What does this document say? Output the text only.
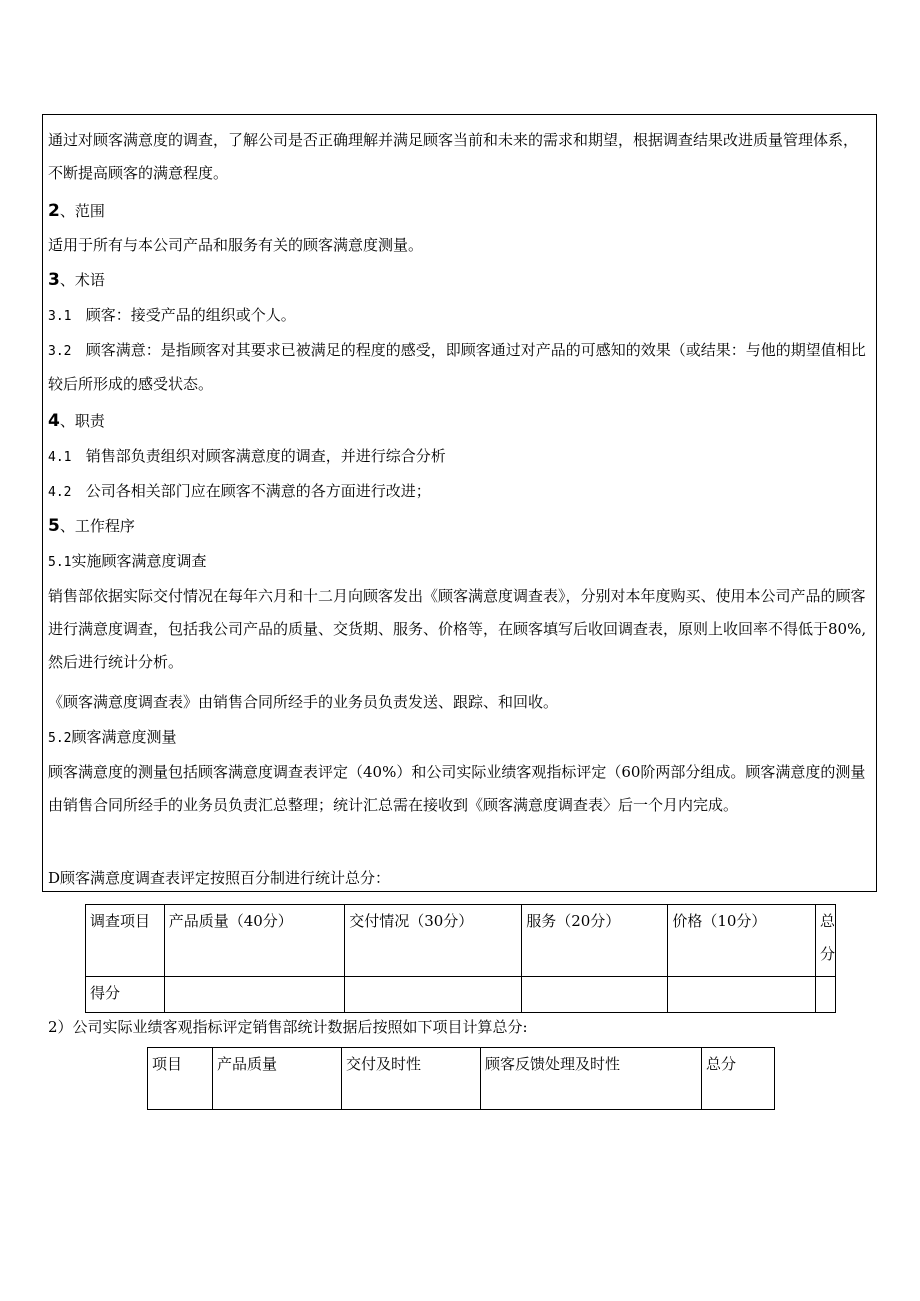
通过对顾客满意度的调查，了解公司是否正确理解并满足顾客当前和未来的需求和期望，根据调查结果改进质量管理体系，不断提高顾客的满意程度。

2、范围
适用于所有与本公司产品和服务有关的顾客满意度测量。
3、术语
3.1 顾客：接受产品的组织或个人。

3.2 顾客满意：是指顾客对其要求已被满足的程度的感受，即顾客通过对产品的可感知的效果（或结果：与他的期望值相比较后所形成的感受状态。

4、职责
4.1 销售部负责组织对顾客满意度的调查，并进行综合分析
4.2 公司各相关部门应在顾客不满意的各方面进行改进；
5、工作程序
5.1实施顾客满意度调查

销售部依据实际交付情况在每年六月和十二月向顾客发出《顾客满意度调查表》，分别对本年度购买、使用本公司产品的顾客进行满意度调查，包括我公司产品的质量、交货期、服务、价格等，在顾客填写后收回调查表，原则上收回率不得低于80%,然后进行统计分析。

《顾客满意度调查表》由销售合同所经手的业务员负责发送、跟踪、和回收。
5.2顾客满意度测量

顾客满意度的测量包括顾客满意度调查表评定（40%）和公司实际业绩客观指标评定（60阶两部分组成。顾客满意度的测量由销售合同所经手的业务员负责汇总整理；统计汇总需在接收到《顾客满意度调查表〉后一个月内完成。

D顾客满意度调查表评定按照百分制进行统计总分：
调查项目	产品质量（40分）	交付情况（30分）	服务（20分）	价格（10分）	总分
得分					
2）公司实际业绩客观指标评定销售部统计数据后按照如下项目计算总分:
项目	产品质量	交付及时性	顾客反馈处理及时性	总分
